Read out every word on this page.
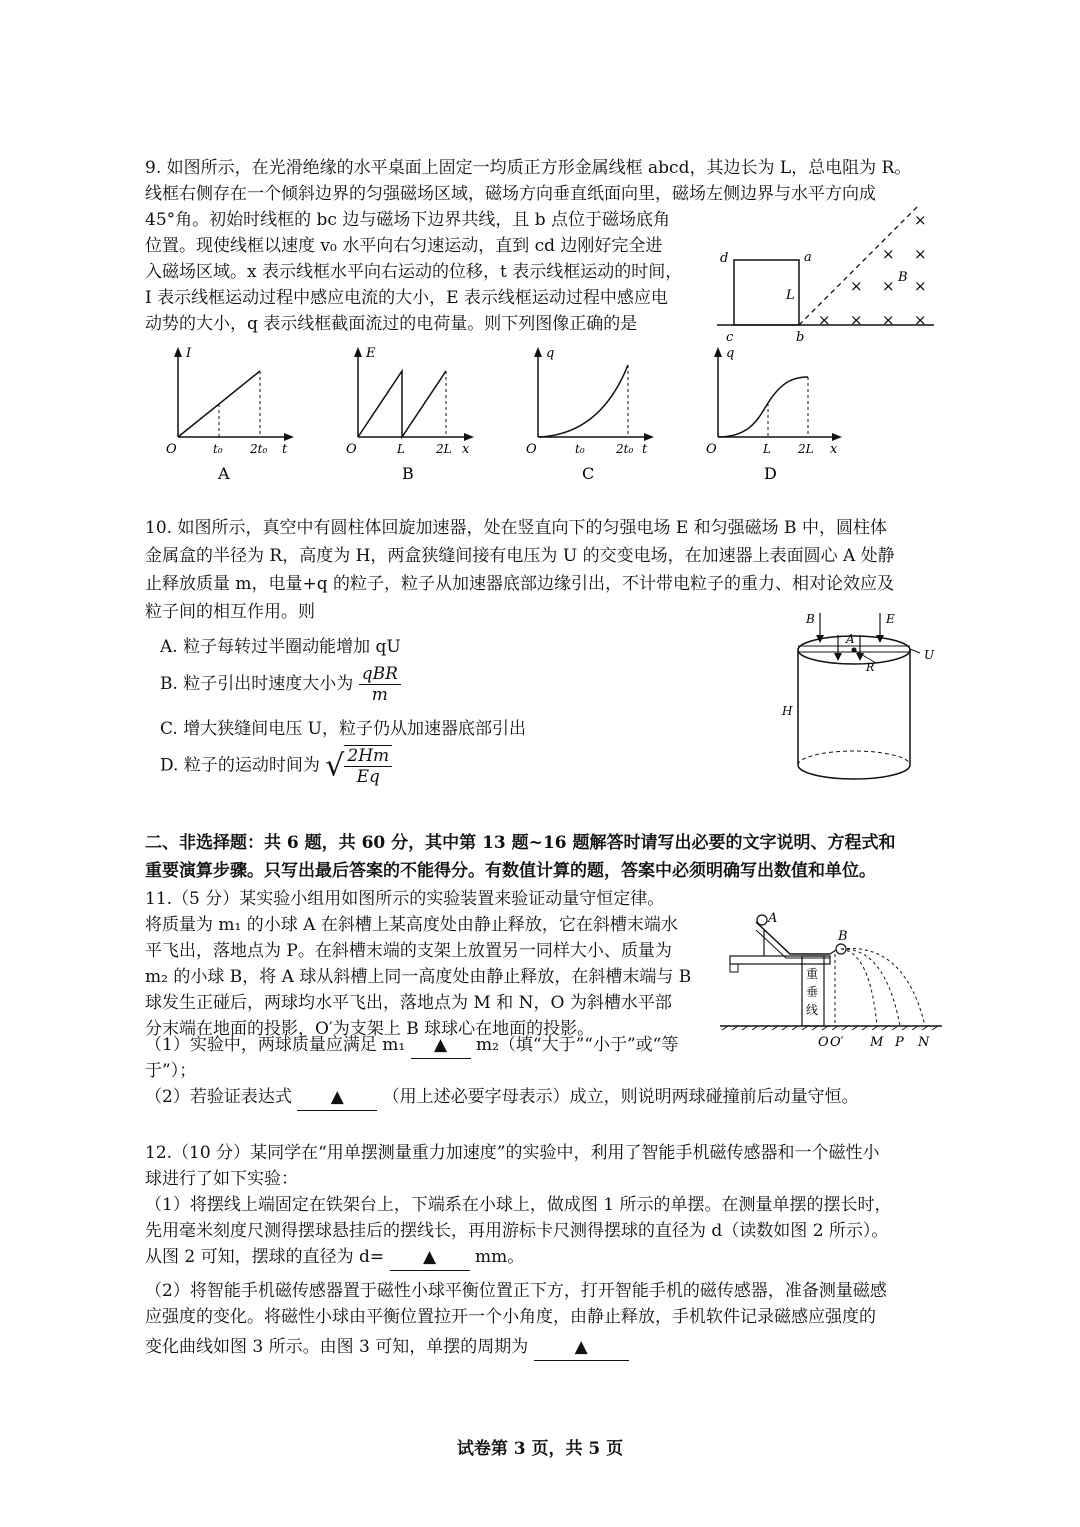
9. 如图所示，在光滑绝缘的水平桌面上固定一均质正方形金属线框 abcd，其边长为 L，总电阻为 R。
线框右侧存在一个倾斜边界的匀强磁场区域，磁场方向垂直纸面向里，磁场左侧边界与水平方向成
45°角。初始时线框的 bc 边与磁场下边界共线，且 b 点位于磁场底角
位置。现使线框以速度 v₀ 水平向右匀速运动，直到 cd 边刚好完全进
入磁场区域。x 表示线框水平向右运动的位移，t 表示线框运动的时间，
I 表示线框运动过程中感应电流的大小，E 表示线框运动过程中感应电
动势的大小，q 表示线框截面流过的电荷量。则下列图像正确的是
d	a
L
c	b
B
×
× ×
× × ×
× × × ×
I
t
O	t₀ 2t₀
A
E
x
O	L	2L
B
q
t
O	t₀	2t₀
C
q
x
O	L 2L
D
10. 如图所示，真空中有圆柱体回旋加速器，处在竖直向下的匀强电场 E 和匀强磁场 B 中，圆柱体
金属盒的半径为 R，高度为 H，两盒狭缝间接有电压为 U 的交变电场，在加速器上表面圆心 A 处静
止释放质量 m，电量+q 的粒子，粒子从加速器底部边缘引出，不计带电粒子的重力、相对论效应及
粒子间的相互作用。则
A. 粒子每转过半圈动能增加 qU
B. 粒子引出时速度大小为 $\frac{\text{qBR}}{m}$
C. 增大狭缝间电压 U，粒子仍从加速器底部引出
D. 粒子的运动时间为 √ $\frac{2Hm}{Eq}$
B	E
A
U
R
H
二、非选择题：共 6 题，共 60 分，其中第 13 题~16 题解答时请写出必要的文字说明、方程式和
重要演算步骤。只写出最后答案的不能得分。有数值计算的题，答案中必须明确写出数值和单位。
11.（5 分）某实验小组用如图所示的实验装置来验证动量守恒定律。
将质量为 m₁ 的小球 A 在斜槽上某高度处由静止释放，它在斜槽末端水
平飞出，落地点为 P。在斜槽末端的支架上放置另一同样大小、质量为
m₂ 的小球 B，将 A 球从斜槽上同一高度处由静止释放，在斜槽末端与 B
球发生正碰后，两球均水平飞出，落地点为 M 和 N，O 为斜槽水平部
分末端在地面的投影，O′为支架上 B 球球心在地面的投影。
（1）实验中，两球质量应满足 m₁ ▲ m₂（填“大于”“小于”或“等
于”）；
（2）若验证表达式 ▲ （用上述必要字母表示）成立，则说明两球碰撞前后动量守恒。
A
B
重
垂
线
O O′ M P N
12.（10 分）某同学在“用单摆测量重力加速度”的实验中，利用了智能手机磁传感器和一个磁性小
球进行了如下实验：
（1）将摆线上端固定在铁架台上，下端系在小球上，做成图 1 所示的单摆。在测量单摆的摆长时，
先用毫米刻度尺测得摆球悬挂后的摆线长，再用游标卡尺测得摆球的直径为 d（读数如图 2 所示）。
从图 2 可知，摆球的直径为 d= ▲ mm。
（2）将智能手机磁传感器置于磁性小球平衡位置正下方，打开智能手机的磁传感器，准备测量磁感
应强度的变化。将磁性小球由平衡位置拉开一个小角度，由静止释放，手机软件记录磁感应强度的
变化曲线如图 3 所示。由图 3 可知，单摆的周期为	▲
试卷第 3 页，共 5 页
